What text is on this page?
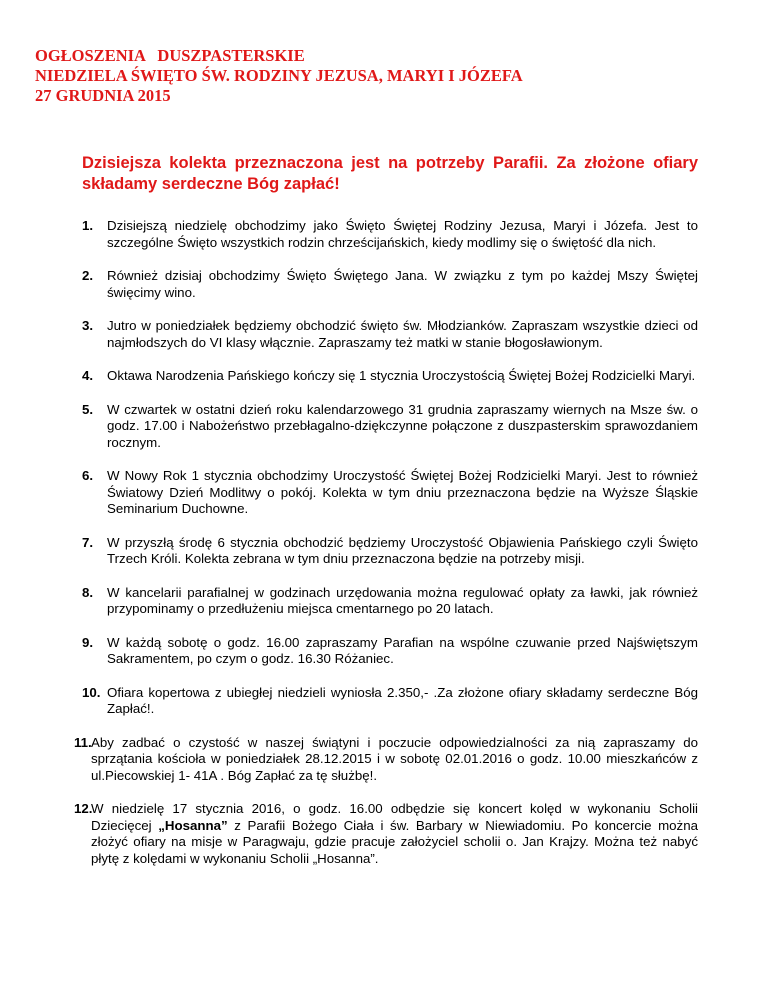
OGŁOSZENIA   DUSZPASTERSKIE
NIEDZIELA ŚWIĘTO ŚW. RODZINY JEZUSA, MARYI I JÓZEFA
27 GRUDNIA 2015
Dzisiejsza kolekta przeznaczona jest na potrzeby Parafii. Za złożone ofiary składamy serdeczne Bóg zapłać!
1. Dzisiejszą niedzielę obchodzimy jako Święto Świętej Rodziny Jezusa, Maryi i Józefa. Jest to szczególne Święto wszystkich rodzin chrześcijańskich, kiedy modlimy się o świętość dla nich.

2. Również dzisiaj obchodzimy Święto Świętego Jana. W związku z tym po każdej Mszy Świętej święcimy wino.

3. Jutro w poniedziałek będziemy obchodzić święto św. Młodzianków. Zapraszam wszystkie dzieci od najmłodszych do VI klasy włącznie. Zapraszamy też matki w stanie błogosławionym.

4. Oktawa Narodzenia Pańskiego kończy się 1 stycznia Uroczystością Świętej Bożej Rodzicielki Maryi.

5. W czwartek w ostatni dzień roku kalendarzowego 31 grudnia zapraszamy wiernych na Msze św. o godz. 17.00 i Nabożeństwo przebłagalno-dziękczynne połączone z duszpasterskim sprawozdaniem rocznym.

6. W Nowy Rok 1 stycznia obchodzimy Uroczystość Świętej Bożej Rodzicielki Maryi. Jest to również Światowy Dzień Modlitwy o pokój. Kolekta w tym dniu przeznaczona będzie na Wyższe Śląskie Seminarium Duchowne.

7. W przyszłą środę 6 stycznia obchodzić będziemy Uroczystość Objawienia Pańskiego czyli Święto Trzech Króli. Kolekta zebrana w tym dniu przeznaczona będzie na potrzeby misji.

8. W kancelarii parafialnej w godzinach urzędowania można regulować opłaty za ławki, jak również przypominamy o przedłużeniu miejsca cmentarnego po 20 latach.

9. W każdą sobotę o godz. 16.00 zapraszamy Parafian na wspólne czuwanie przed Najświętszym Sakramentem, po czym o godz. 16.30 Różaniec.

10. Ofiara kopertowa z ubiegłej niedzieli wyniosła 2.350,- .Za złożone ofiary składamy serdeczne Bóg Zapłać!.

11. Aby zadbać o czystość w naszej świątyni i poczucie odpowiedzialności za nią zapraszamy do sprzątania kościoła w poniedziałek 28.12.2015 i w sobotę 02.01.2016 o godz. 10.00 mieszkańców z ul.Piecowskiej 1- 41A . Bóg Zapłać za tę służbę!.

12.

W niedzielę 17 stycznia 2016, o godz. 16.00 odbędzie się koncert kolęd w wykonaniu Scholii Dziecięcej „Hosanna” z Parafii Bożego Ciała i św. Barbary w Niewiadomiu. Po koncercie można złożyć ofiary na misje w Paragwaju, gdzie pracuje założyciel scholii o. Jan Krajzy. Można też nabyć płytę z kolędami w wykonaniu Scholii „Hosanna”.
